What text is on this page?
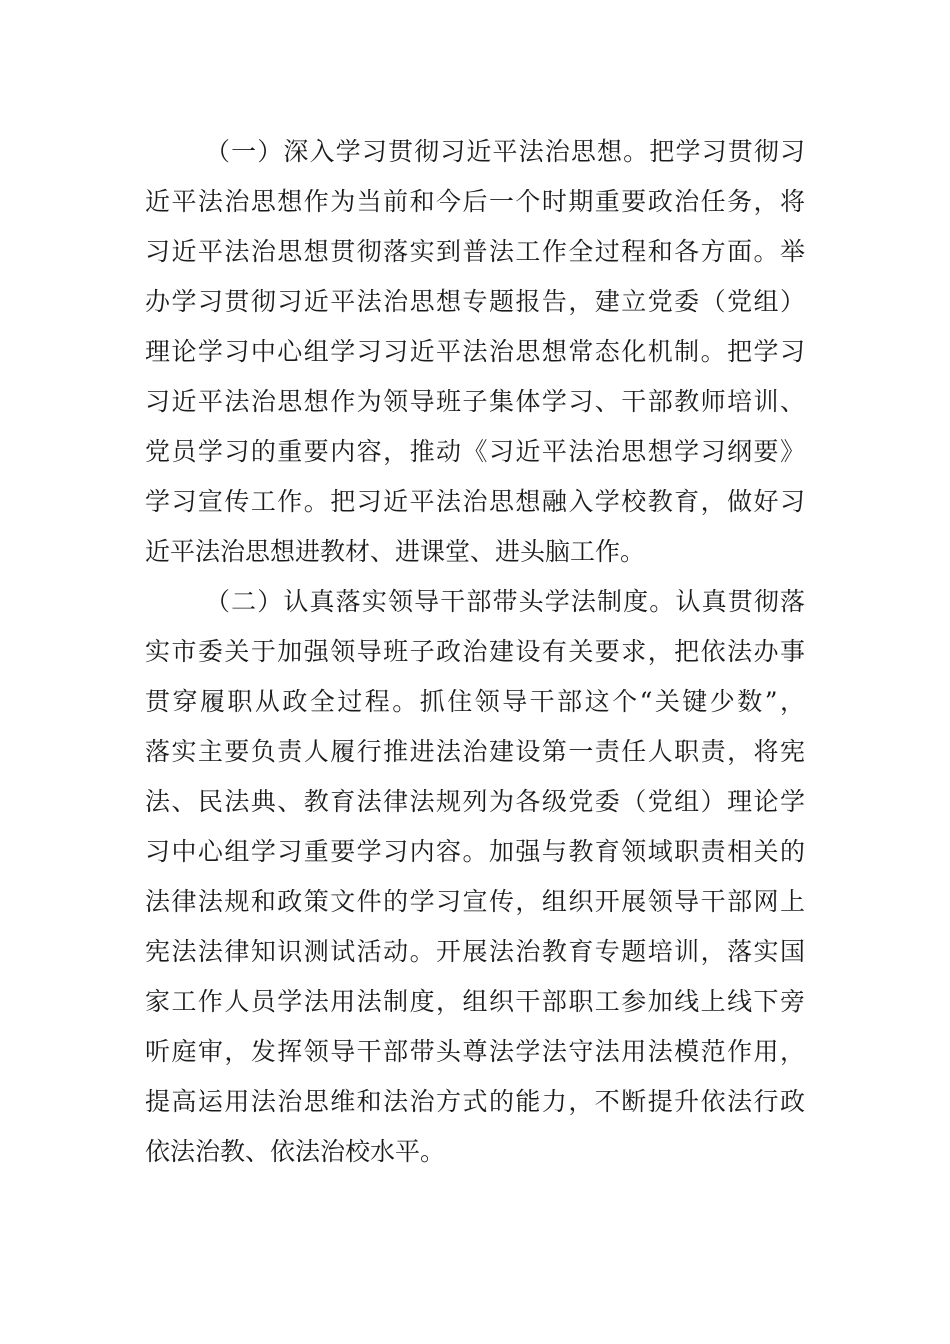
（一）深入学习贯彻习近平法治思想。把学习贯彻习
近平法治思想作为当前和今后一个时期重要政治任务，将
习近平法治思想贯彻落实到普法工作全过程和各方面。举
办学习贯彻习近平法治思想专题报告，建立党委（党组）
理论学习中心组学习习近平法治思想常态化机制。把学习
习近平法治思想作为领导班子集体学习、干部教师培训、
党员学习的重要内容，推动《习近平法治思想学习纲要》
学习宣传工作。把习近平法治思想融入学校教育，做好习
近平法治思想进教材、进课堂、进头脑工作。
（二）认真落实领导干部带头学法制度。认真贯彻落
实市委关于加强领导班子政治建设有关要求，把依法办事
贯穿履职从政全过程。抓住领导干部这个“关键少数”，
落实主要负责人履行推进法治建设第一责任人职责，将宪
法、民法典、教育法律法规列为各级党委（党组）理论学
习中心组学习重要学习内容。加强与教育领域职责相关的
法律法规和政策文件的学习宣传，组织开展领导干部网上
宪法法律知识测试活动。开展法治教育专题培训，落实国
家工作人员学法用法制度，组织干部职工参加线上线下旁
听庭审，发挥领导干部带头尊法学法守法用法模范作用，
提高运用法治思维和法治方式的能力，不断提升依法行政
依法治教、依法治校水平。
